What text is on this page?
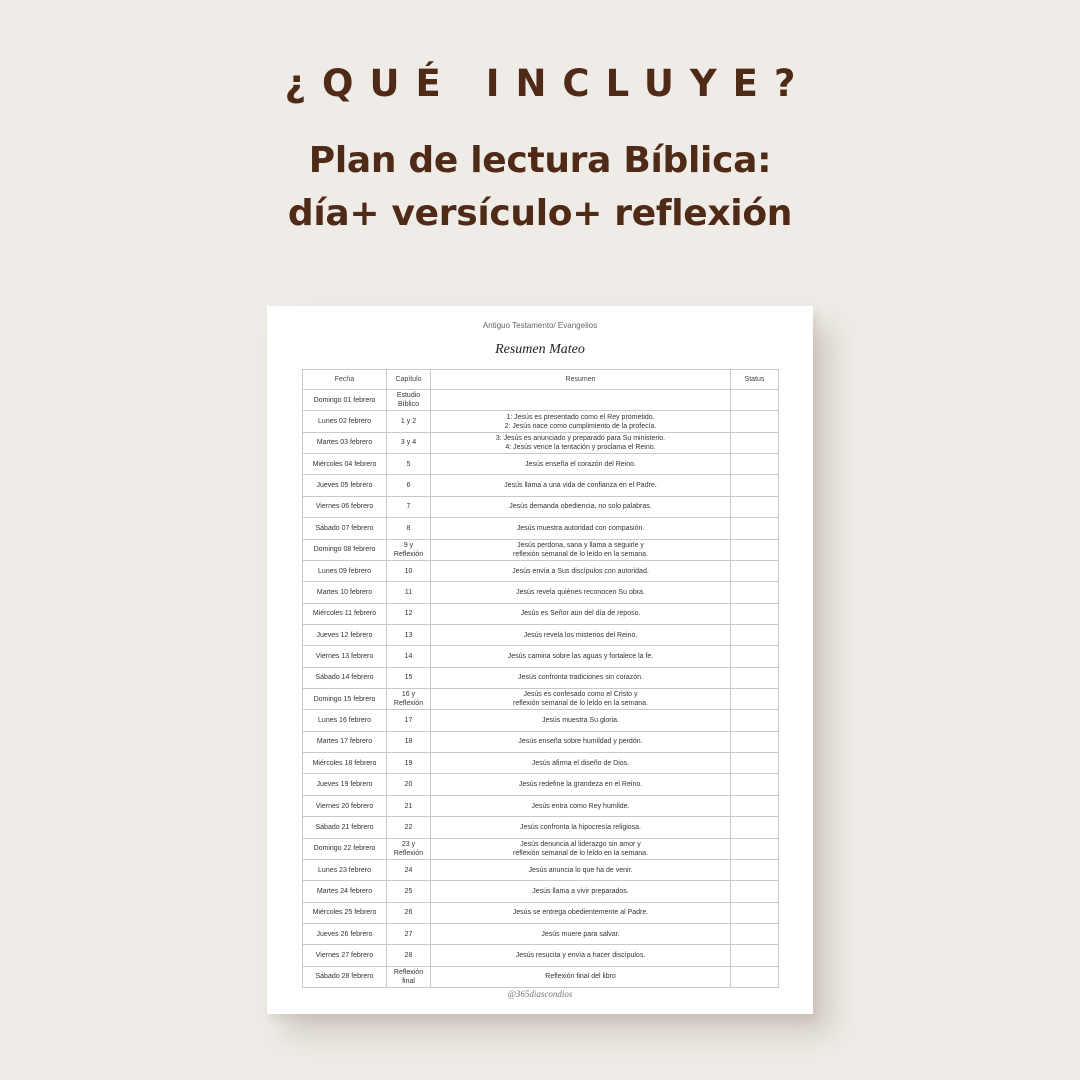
¿QUÉ INCLUYE?
Plan de lectura Bíblica:
día+ versículo+ reflexión
Antiguo Testamento/ Evangelios
Resumen Mateo
Fecha	Capítulo	Resumen	Status
Domingo 01 febrero	Estudio
Bíblico		

Lunes 02 febrero	1 y 2	1: Jesús es presentado como el Rey prometido.
2: Jesús nace como cumplimiento de la profecía.	

Martes 03 febrero	3 y 4	3: Jesús es anunciado y preparado para Su ministerio.
4: Jesús vence la tentación y proclama el Reino.	

Miércoles 04 febrero	5	Jesús enseña el corazón del Reino.	

Jueves 05 febrero	6	Jesús llama a una vida de confianza en el Padre.	

Viernes 06 febrero	7	Jesús demanda obediencia, no solo palabras.	

Sábado 07 febrero	8	Jesús muestra autoridad con compasión.	

Domingo 08 febrero	9 y
Reflexión	Jesús perdona, sana y llama a seguirle y
reflexión semanal de lo leído en la semana.	

Lunes 09 febrero	10	Jesús envía a Sus discípulos con autoridad.	

Martes 10 febrero	11	Jesús revela quiénes reconocen Su obra.	

Miércoles 11 febrero	12	Jesús es Señor aun del día de reposo.	

Jueves 12 febrero	13	Jesús revela los misterios del Reino.	

Viernes 13 febrero	14	Jesús camina sobre las aguas y fortalece la fe.	

Sábado 14 febrero	15	Jesús confronta tradiciones sin corazón.	

Domingo 15 febrero	16 y
Reflexión	Jesús es confesado como el Cristo y
reflexión semanal de lo leído en la semana.	

Lunes 16 febrero	17	Jesús muestra Su gloria.	

Martes 17 febrero	18	Jesús enseña sobre humildad y perdón.	

Miércoles 18 febrero	19	Jesús afirma el diseño de Dios.	

Jueves 19 febrero	20	Jesús redefine la grandeza en el Reino.	

Viernes 20 febrero	21	Jesús entra como Rey humilde.	

Sábado 21 febrero	22	Jesús confronta la hipocresía religiosa.	

Domingo 22 febrero	23 y
Reflexión	Jesús denuncia al liderazgo sin amor y
reflexión semanal de lo leído en la semana.	

Lunes 23 febrero	24	Jesús anuncia lo que ha de venir.	

Martes 24 febrero	25	Jesús llama a vivir preparados.	

Miércoles 25 febrero	26	Jesús se entrega obedientemente al Padre.	

Jueves 26 febrero	27	Jesús muere para salvar.	

Viernes 27 febrero	28	Jesús resucita y envía a hacer discípulos.	

Sábado 28 febrero	Reflexión
final	Reflexión final del libro	

@365diascondios
